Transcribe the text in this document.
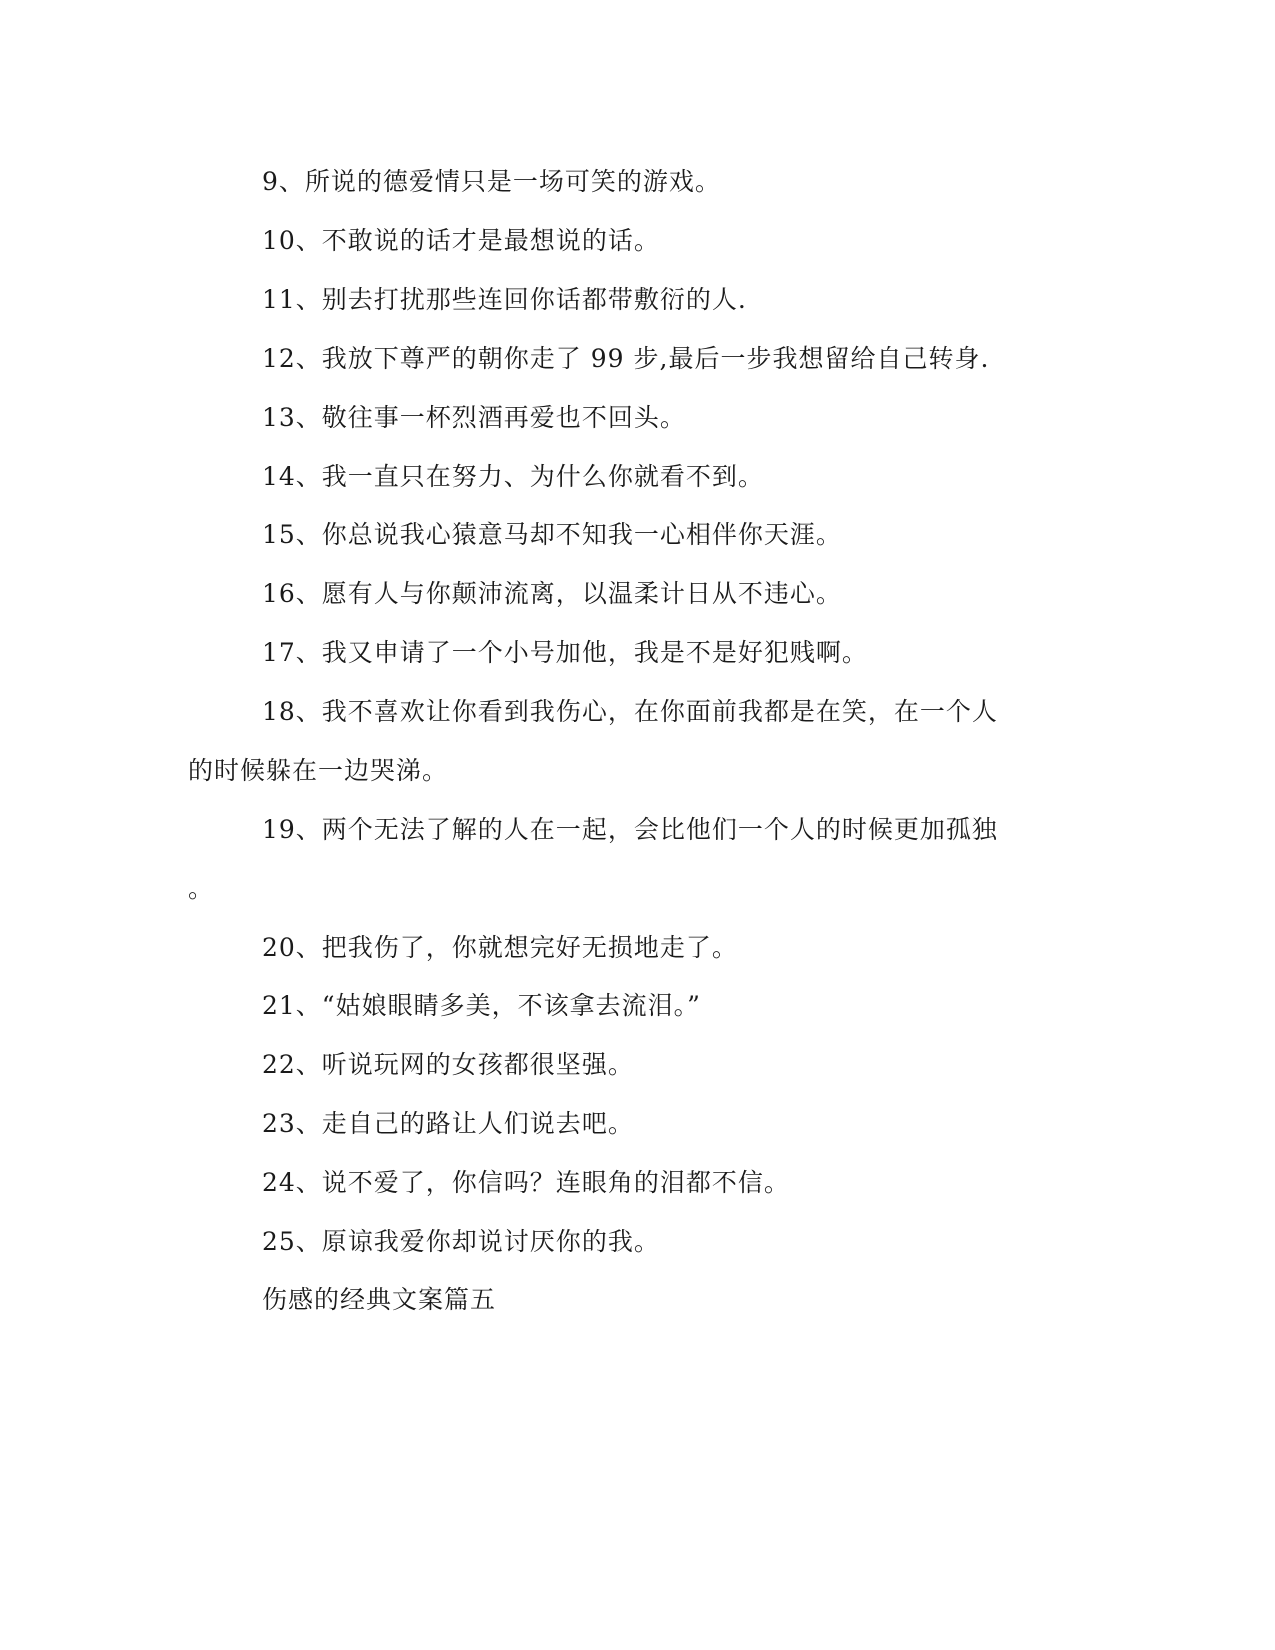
9、所说的德爱情只是一场可笑的游戏。
10、不敢说的话才是最想说的话。
11、别去打扰那些连回你话都带敷衍的人.
12、我放下尊严的朝你走了 99 步,最后一步我想留给自己转身.
13、敬往事一杯烈酒再爱也不回头。
14、我一直只在努力、为什么你就看不到。
15、你总说我心猿意马却不知我一心相伴你天涯。
16、愿有人与你颠沛流离，以温柔计日从不违心。
17、我又申请了一个小号加他，我是不是好犯贱啊。
18、我不喜欢让你看到我伤心，在你面前我都是在笑，在一个人
的时候躲在一边哭涕。
19、两个无法了解的人在一起，会比他们一个人的时候更加孤独
。
20、把我伤了，你就想完好无损地走了。
21、“姑娘眼睛多美，不该拿去流泪。”
22、听说玩网的女孩都很坚强。
23、走自己的路让人们说去吧。
24、说不爱了，你信吗？连眼角的泪都不信。
25、原谅我爱你却说讨厌你的我。
伤感的经典文案篇五
